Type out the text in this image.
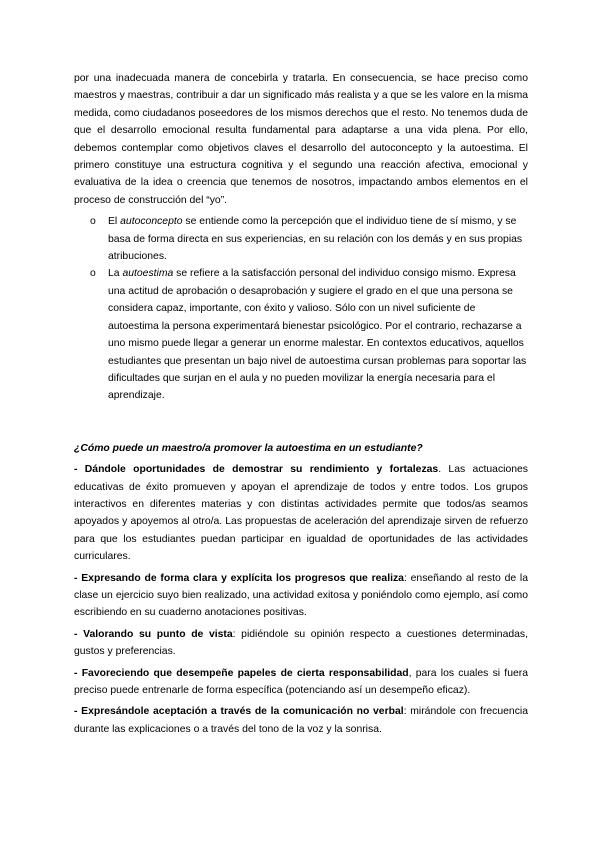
por una inadecuada manera de concebirla y tratarla. En consecuencia, se hace preciso como maestros y maestras, contribuir a dar un significado más realista y a que se les valore en la misma medida, como ciudadanos poseedores de los mismos derechos que el resto. No tenemos duda de que el desarrollo emocional resulta fundamental para adaptarse a una vida plena. Por ello, debemos contemplar como objetivos claves el desarrollo del autoconcepto y la autoestima. El primero constituye una estructura cognitiva y el segundo una reacción afectiva, emocional y evaluativa de la idea o creencia que tenemos de nosotros, impactando ambos elementos en el proceso de construcción del “yo”.

o	El autoconcepto se entiende como la percepción que el individuo tiene de sí mismo, y se basa de forma directa en sus experiencias, en su relación con los demás y en sus propias atribuciones.
o	La autoestima se refiere a la satisfacción personal del individuo consigo mismo. Expresa una actitud de aprobación o desaprobación y sugiere el grado en el que una persona se considera capaz, importante, con éxito y valioso. Sólo con un nivel suficiente de autoestima la persona experimentará bienestar psicológico. Por el contrario, rechazarse a uno mismo puede llegar a generar un enorme malestar. En contextos educativos, aquellos estudiantes que presentan un bajo nivel de autoestima cursan problemas para soportar las dificultades que surjan en el aula y no pueden movilizar la energía necesaria para el aprendizaje.

¿Cómo puede un maestro/a promover la autoestima en un estudiante?

- Dándole oportunidades de demostrar su rendimiento y fortalezas. Las actuaciones educativas de éxito promueven y apoyan el aprendizaje de todos y entre todos. Los grupos interactivos en diferentes materias y con distintas actividades permite que todos/as seamos apoyados y apoyemos al otro/a. Las propuestas de aceleración del aprendizaje sirven de refuerzo para que los estudiantes puedan participar en igualdad de oportunidades de las actividades curriculares.

- Expresando de forma clara y explícita los progresos que realiza: enseñando al resto de la clase un ejercicio suyo bien realizado, una actividad exitosa y poniéndolo como ejemplo, así como escribiendo en su cuaderno anotaciones positivas.

- Valorando su punto de vista: pidiéndole su opinión respecto a cuestiones determinadas, gustos y preferencias.

- Favoreciendo que desempeñe papeles de cierta responsabilidad, para los cuales si fuera preciso puede entrenarle de forma específica (potenciando así un desempeño eficaz).

- Expresándole aceptación a través de la comunicación no verbal: mirándole con frecuencia durante las explicaciones o a través del tono de la voz y la sonrisa.
